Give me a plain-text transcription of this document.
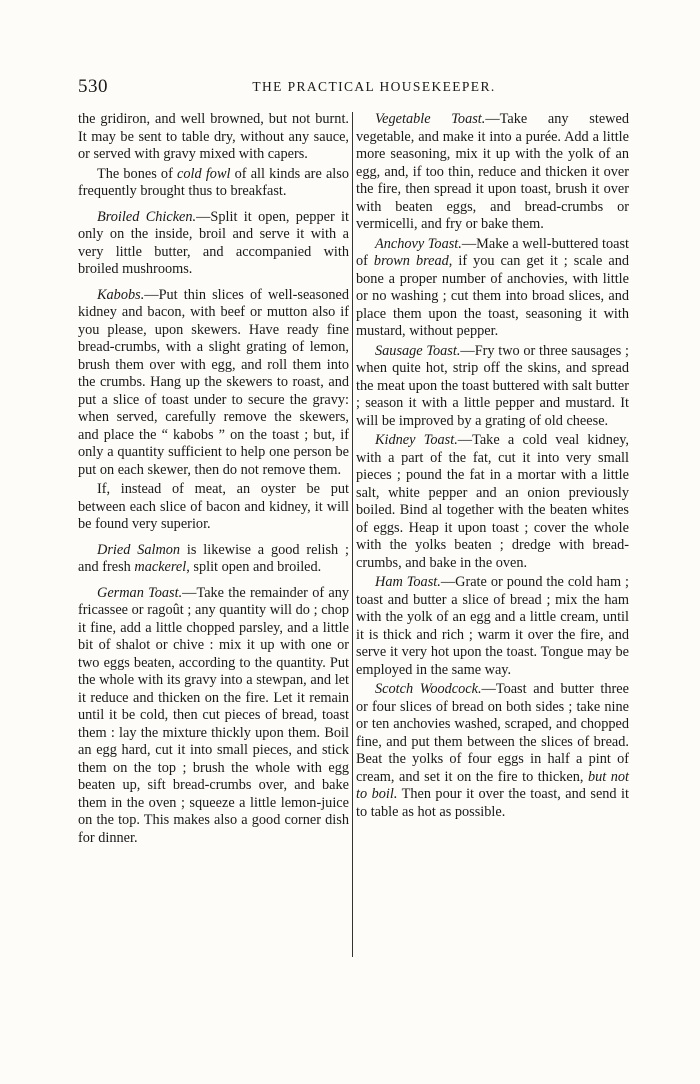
530	THE PRACTICAL HOUSEKEEPER.

the gridiron, and well browned, but not burnt. It may be sent to table dry, without any sauce, or served with gravy mixed with capers.

The bones of cold fowl of all kinds are also frequently brought thus to breakfast.

Broiled Chicken.—Split it open, pepper it only on the inside, broil and serve it with a very little butter, and accompanied with broiled mushrooms.

Kabobs.—Put thin slices of well-seasoned kidney and bacon, with beef or mutton also if you please, upon skewers. Have ready fine bread-crumbs, with a slight grating of lemon, brush them over with egg, and roll them into the crumbs. Hang up the skewers to roast, and put a slice of toast under to secure the gravy: when served, carefully remove the skewers, and place the “ kabobs ” on the toast ; but, if only a quantity sufficient to help one person be put on each skewer, then do not remove them.

If, instead of meat, an oyster be put between each slice of bacon and kidney, it will be found very superior.

Dried Salmon is likewise a good relish ; and fresh mackerel, split open and broiled.

German Toast.—Take the remainder of any fricassee or ragoût ; any quantity will do ; chop it fine, add a little chopped parsley, and a little bit of shalot or chive : mix it up with one or two eggs beaten, according to the quantity. Put the whole with its gravy into a stewpan, and let it reduce and thicken on the fire. Let it remain until it be cold, then cut pieces of bread, toast them : lay the mixture thickly upon them. Boil an egg hard, cut it into small pieces, and stick them on the top ; brush the whole with egg beaten up, sift bread-crumbs over, and bake them in the oven ; squeeze a little lemon-juice on the top. This makes also a good corner dish for dinner.

Vegetable Toast.—Take any stewed vegetable, and make it into a purée. Add a little more seasoning, mix it up with the yolk of an egg, and, if too thin, reduce and thicken it over the fire, then spread it upon toast, brush it over with beaten eggs, and bread-crumbs or vermicelli, and fry or bake them.

Anchovy Toast.—Make a well-buttered toast of brown bread, if you can get it ; scale and bone a proper number of anchovies, with little or no washing ; cut them into broad slices, and place them upon the toast, seasoning it with mustard, without pepper.

Sausage Toast.—Fry two or three sausages ; when quite hot, strip off the skins, and spread the meat upon the toast buttered with salt butter ; season it with a little pepper and mustard. It will be improved by a grating of old cheese.

Kidney Toast.—Take a cold veal kidney, with a part of the fat, cut it into very small pieces ; pound the fat in a mortar with a little salt, white pepper and an onion previously boiled. Bind al together with the beaten whites of eggs. Heap it upon toast ; cover the whole with the yolks beaten ; dredge with bread-crumbs, and bake in the oven.

Ham Toast.—Grate or pound the cold ham ; toast and butter a slice of bread ; mix the ham with the yolk of an egg and a little cream, until it is thick and rich ; warm it over the fire, and serve it very hot upon the toast. Tongue may be employed in the same way.

Scotch Woodcock.—Toast and butter three or four slices of bread on both sides ; take nine or ten anchovies washed, scraped, and chopped fine, and put them between the slices of bread. Beat the yolks of four eggs in half a pint of cream, and set it on the fire to thicken, but not to boil. Then pour it over the toast, and send it to table as hot as possible.
